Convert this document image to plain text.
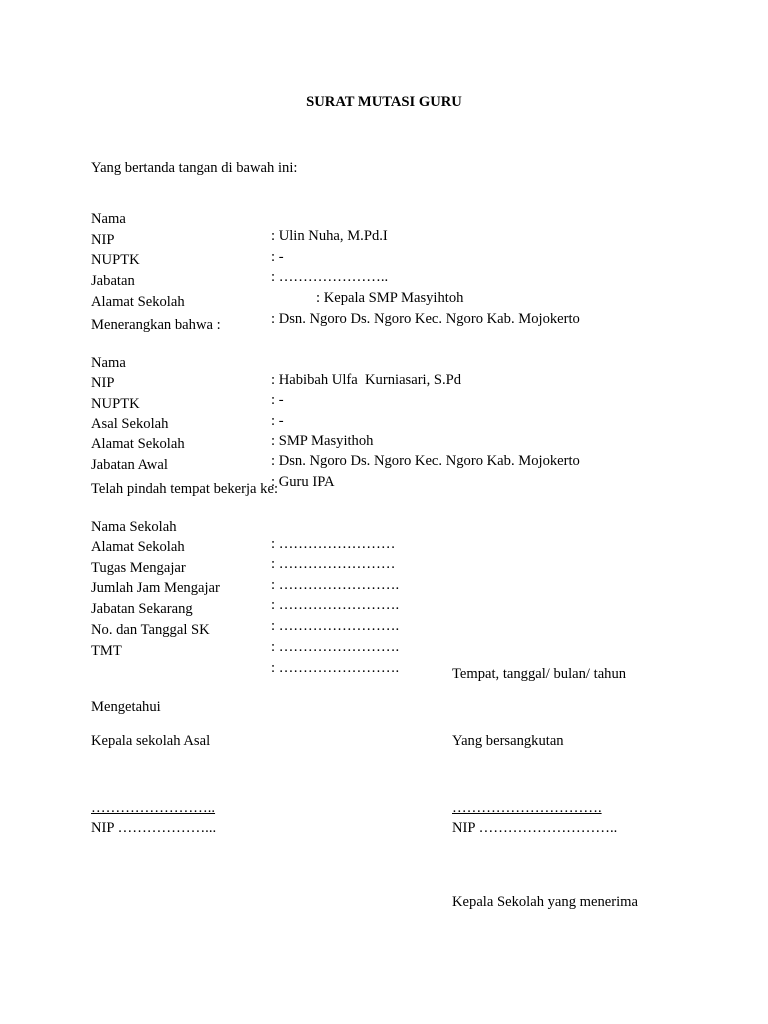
SURAT MUTASI GURU
Yang bertanda tangan di bawah ini:

Nama

: Ulin Nuha, M.Pd.I

NIP

: -

NUPTK

: …………………..

Jabatan

: Kepala SMP Masyihtoh

Alamat Sekolah

: Dsn. Ngoro Ds. Ngoro Kec. Ngoro Kab. Mojokerto

Menerangkan bahwa :

Nama

: Habibah Ulfa  Kurniasari, S.Pd

NIP

: -

NUPTK

: -

Asal Sekolah

: SMP Masyithoh

Alamat Sekolah

: Dsn. Ngoro Ds. Ngoro Kec. Ngoro Kab. Mojokerto

Jabatan Awal

: Guru IPA

Telah pindah tempat bekerja ke:

Nama Sekolah

: ……………………

Alamat Sekolah

: ……………………

Tugas Mengajar

: …………………….

Jumlah Jam Mengajar

: …………………….

Jabatan Sekarang

: …………………….

No. dan Tanggal SK

: …………………….

TMT

: …………………….

	Tempat, tanggal/ bulan/ tahun
Mengetahui
Kepala sekolah Asal	Yang bersangkutan
……………………..
NIP ………………...
………………………….
NIP ………………………..
Kepala Sekolah yang menerima
